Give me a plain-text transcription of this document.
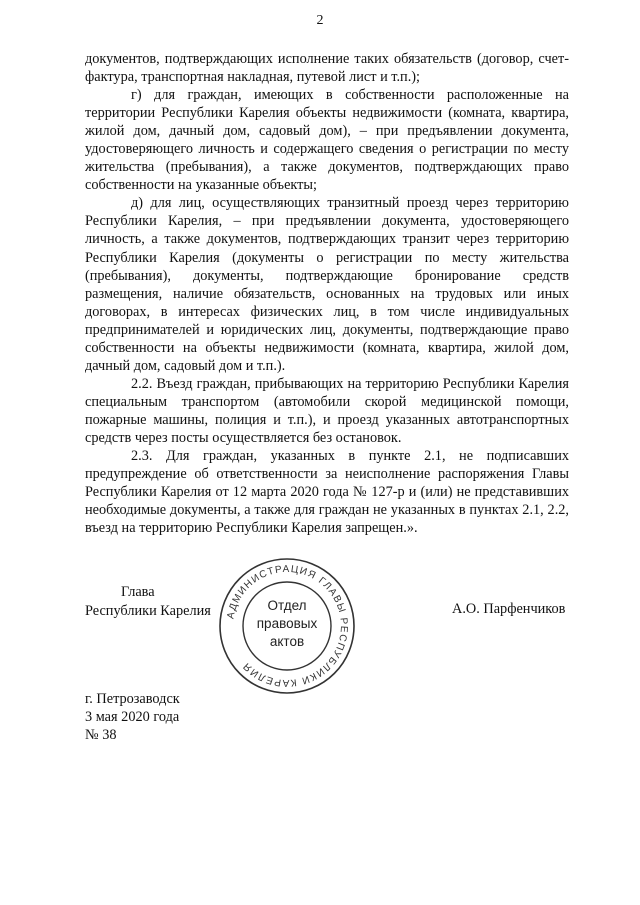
2

документов, подтверждающих исполнение таких обязательств (договор, счет-фактура, транспортная накладная, путевой лист и т.п.);

г) для граждан, имеющих в собственности расположенные на территории Республики Карелия объекты недвижимости (комната, квартира, жилой дом, дачный дом, садовый дом), – при предъявлении документа, удостоверяющего личность и содержащего сведения о регистрации по месту жительства (пребывания), а также документов, подтверждающих право собственности на указанные объекты;

д) для лиц, осуществляющих транзитный проезд через территорию Республики Карелия, – при предъявлении документа, удостоверяющего личность, а также документов, подтверждающих транзит через территорию Республики Карелия (документы о регистрации по месту жительства (пребывания), документы, подтверждающие бронирование средств размещения, наличие обязательств, основанных на трудовых или иных договорах, в интересах физических лиц, в том числе индивидуальных предпринимателей и юридических лиц, документы, подтверждающие право собственности на объекты недвижимости (комната, квартира, жилой дом, дачный дом, садовый дом и т.п.).

2.2. Въезд граждан, прибывающих на территорию Республики Карелия специальным транспортом (автомобили скорой медицинской помощи, пожарные машины, полиция и т.п.), и проезд указанных автотранспортных средств через посты осуществляется без остановок.

2.3. Для граждан, указанных в пункте 2.1, не подписавших предупреждение об ответственности за неисполнение распоряжения Главы Республики Карелия от 12 марта 2020 года № 127-р и (или) не представивших необходимые документы, а также для граждан не указанных в пунктах 2.1, 2.2, въезд на территорию Республики Карелия запрещен.».

Глава
Республики Карелия	АДМИНИСТРАЦИЯ ГЛАВЫ РЕСПУБЛИКИ КАРЕЛИЯ
Отдел
правовых
актов
А.О. Парфенчиков
г. Петрозаводск
3 мая 2020 года
№ 38
